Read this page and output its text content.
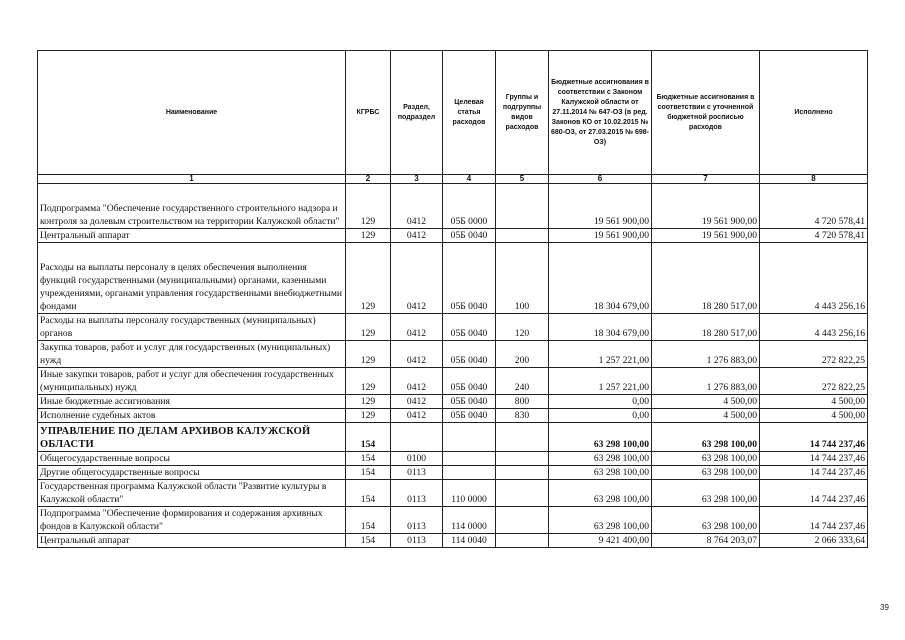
Наименование	КГРБС	Раздел, подраздел	Целевая статья расходов	Группы и подгруппы видов расходов	Бюджетные ассигнования в соответствии с Законом Калужской области от 27.11.2014 № 647-ОЗ (в ред. Законов КО от 10.02.2015 № 680-ОЗ, от 27.03.2015 № 698-ОЗ)	Бюджетные ассигнования в соответствии с уточненной бюджетной росписью расходов	Исполнено
1	2	3	4	5	6	7	8
Подпрограмма "Обеспечение государственного строительного надзора и контроля за долевым строительством на территории Калужской области"	129	0412	05Б 0000		19 561 900,00	19 561 900,00	4 720 578,41
Центральный аппарат	129	0412	05Б 0040		19 561 900,00	19 561 900,00	4 720 578,41
Расходы на выплаты персоналу в целях обеспечения выполнения функций государственными (муниципальными) органами, казенными учреждениями, органами управления государственными внебюджетными фондами	129	0412	05Б 0040	100	18 304 679,00	18 280 517,00	4 443 256,16
Расходы на выплаты персоналу государственных (муниципальных) органов	129	0412	05Б 0040	120	18 304 679,00	18 280 517,00	4 443 256,16
Закупка товаров, работ и услуг для государственных (муниципальных) нужд	129	0412	05Б 0040	200	1 257 221,00	1 276 883,00	272 822,25
Иные закупки товаров, работ и услуг для обеспечения государственных (муниципальных) нужд	129	0412	05Б 0040	240	1 257 221,00	1 276 883,00	272 822,25
Иные бюджетные ассигнования	129	0412	05Б 0040	800	0,00	4 500,00	4 500,00
Исполнение судебных актов	129	0412	05Б 0040	830	0,00	4 500,00	4 500,00
УПРАВЛЕНИЕ ПО ДЕЛАМ АРХИВОВ КАЛУЖСКОЙ ОБЛАСТИ	154				63 298 100,00	63 298 100,00	14 744 237,46
Общегосударственные вопросы	154	0100			63 298 100,00	63 298 100,00	14 744 237,46
Другие общегосударственные вопросы	154	0113			63 298 100,00	63 298 100,00	14 744 237,46
Государственная программа Калужской области "Развитие культуры в Калужской области"	154	0113	110 0000		63 298 100,00	63 298 100,00	14 744 237,46
Подпрограмма "Обеспечение формирования и содержания архивных фондов в Калужской области"	154	0113	114 0000		63 298 100,00	63 298 100,00	14 744 237,46
Центральный аппарат	154	0113	114 0040		9 421 400,00	8 764 203,07	2 066 333,64
39
